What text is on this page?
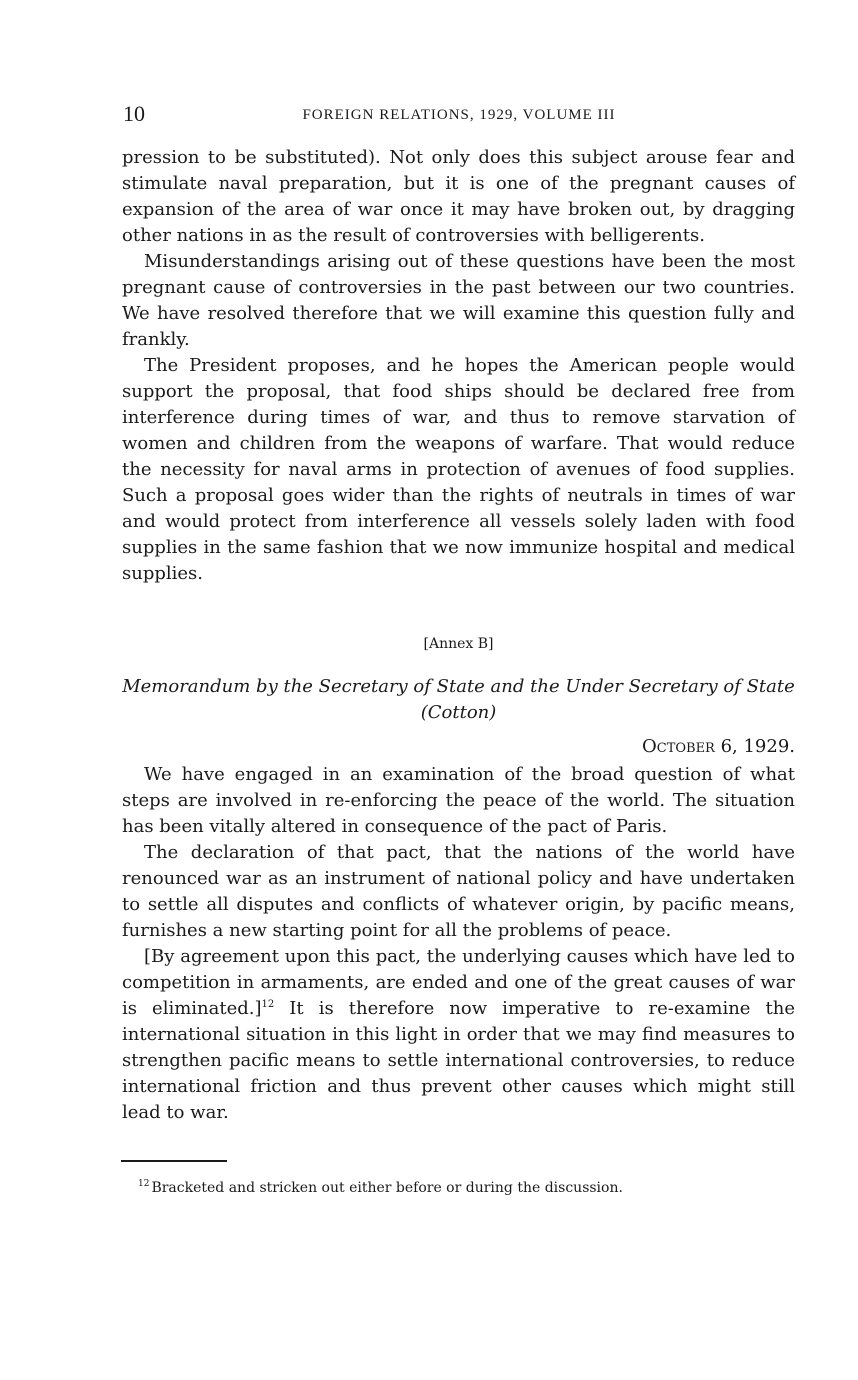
10	FOREIGN RELATIONS, 1929, VOLUME III

pression to be substituted). Not only does this subject arouse fear and stimulate naval preparation, but it is one of the pregnant causes of expansion of the area of war once it may have broken out, by dragging other nations in as the result of controversies with belligerents.

Misunderstandings arising out of these questions have been the most pregnant cause of controversies in the past between our two countries. We have resolved therefore that we will examine this question fully and frankly.

The President proposes, and he hopes the American people would support the proposal, that food ships should be declared free from interference during times of war, and thus to remove starvation of women and children from the weapons of warfare. That would reduce the necessity for naval arms in protection of avenues of food supplies. Such a proposal goes wider than the rights of neutrals in times of war and would protect from interference all vessels solely laden with food supplies in the same fashion that we now immunize hospital and medical supplies.

[Annex B]
Memorandum by the Secretary of State and the Under Secretary of State (Cotton)
October 6, 1929.

We have engaged in an examination of the broad question of what steps are involved in re-enforcing the peace of the world. The situation has been vitally altered in consequence of the pact of Paris.

The declaration of that pact, that the nations of the world have renounced war as an instrument of national policy and have undertaken to settle all disputes and conflicts of whatever origin, by pacific means, furnishes a new starting point for all the problems of peace.

[By agreement upon this pact, the underlying causes which have led to competition in armaments, are ended and one of the great causes of war is eliminated.]$^{12}$ It is therefore now imperative to re-examine the international situation in this light in order that we may find measures to strengthen pacific means to settle international controversies, to reduce international friction and thus prevent other causes which might still lead to war.

$^{12}$ Bracketed and stricken out either before or during the discussion.
